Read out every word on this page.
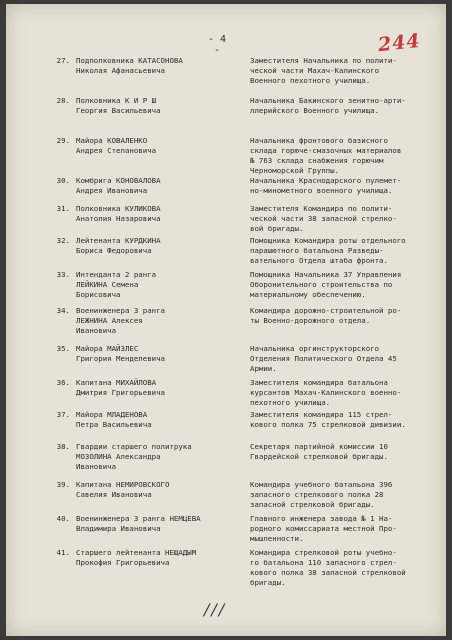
- 4 -	244
27. Подполковника КАТАСОНОВА
Николая Афанасьевича
Заместителя Начальника по полити-
ческой части Махач-Калинского
Военного пехотного училища.
28. Полковника К И Р Ш
Георгия Васильевича
Начальника Бакинского зенитно-арти-
ллерийского Военного училища.
29. Майора КОВАЛЕНКО
Андрея Степановича
Начальника фронтового базисного
склада горюче-смазочных материалов
№ 763 склада снабжения горючим
Черноморской Группы.
30. Комбрига КОНОВАЛОВА
Андрея Ивановича
Начальника Краснодарского пулемет-
но-минометного военного училища.
31. Полковника КУЛИКОВА
Анатолия Назаровича
Заместителя Командира по полити-
ческой части 38 запасной стрелко-
вой бригады.
32. Лейтенанта КУРДКИНА
Бориса Федоровича
Помощника Командира роты отдельного
парашютного батальона Разведы-
вательного Отдела штаба фронта.
33. Интенданта 2 ранга
ЛЕЙКИНА Семена
Борисовича
Помощника Начальника 37 Управления
Оборонительного строительства по
материальному обеспечению.
34. Военинженера 3 ранга
ЛЕЖНИНА Алексея
Ивановича
Командира дорожно-строительной ро-
ты Военно-дорожного отдела.
35. Майора МАЙЗЛЕС
Григория Менделевича
Начальника оргинструкторского
Отделения Политического Отдела 45
Армии.
36. Капитана МИХАЙЛОВА
Дмитрия Григорьевича
Заместителя командира батальона
курсантов Махач-Калинского военно-
пехотного училища.
37. Майора МЛАДЕНОВА
Петра Васильевича
Заместителя командира 115 стрел-
кового полка 75 стрелковой дивизии.
38. Гвардии старшего политрука
МОЗОЛИНА Александра
Ивановича
Секретаря партийной комиссии 10
Гвардейской стрелковой бригады.
39. Капитана НЕМИРОВСКОГО
Савелия Ивановича
Командира учебного батальона 396
запасного стрелкового полка 28
запасной стрелковой бригады.
40. Военинженера 3 ранга НЕМЦЕВА
Владимира Ивановича
Главного инженера завода № 1 На-
родного комиссариата местной Про-
мышленности.
41. Старшего лейтенанта НЕЩАДЫМ
Прокофия Григорьевича
Командира стрелковой роты учебно-
го батальона 110 запасного стрел-
кового полка 38 запасной стрелковой
бригады.
///
